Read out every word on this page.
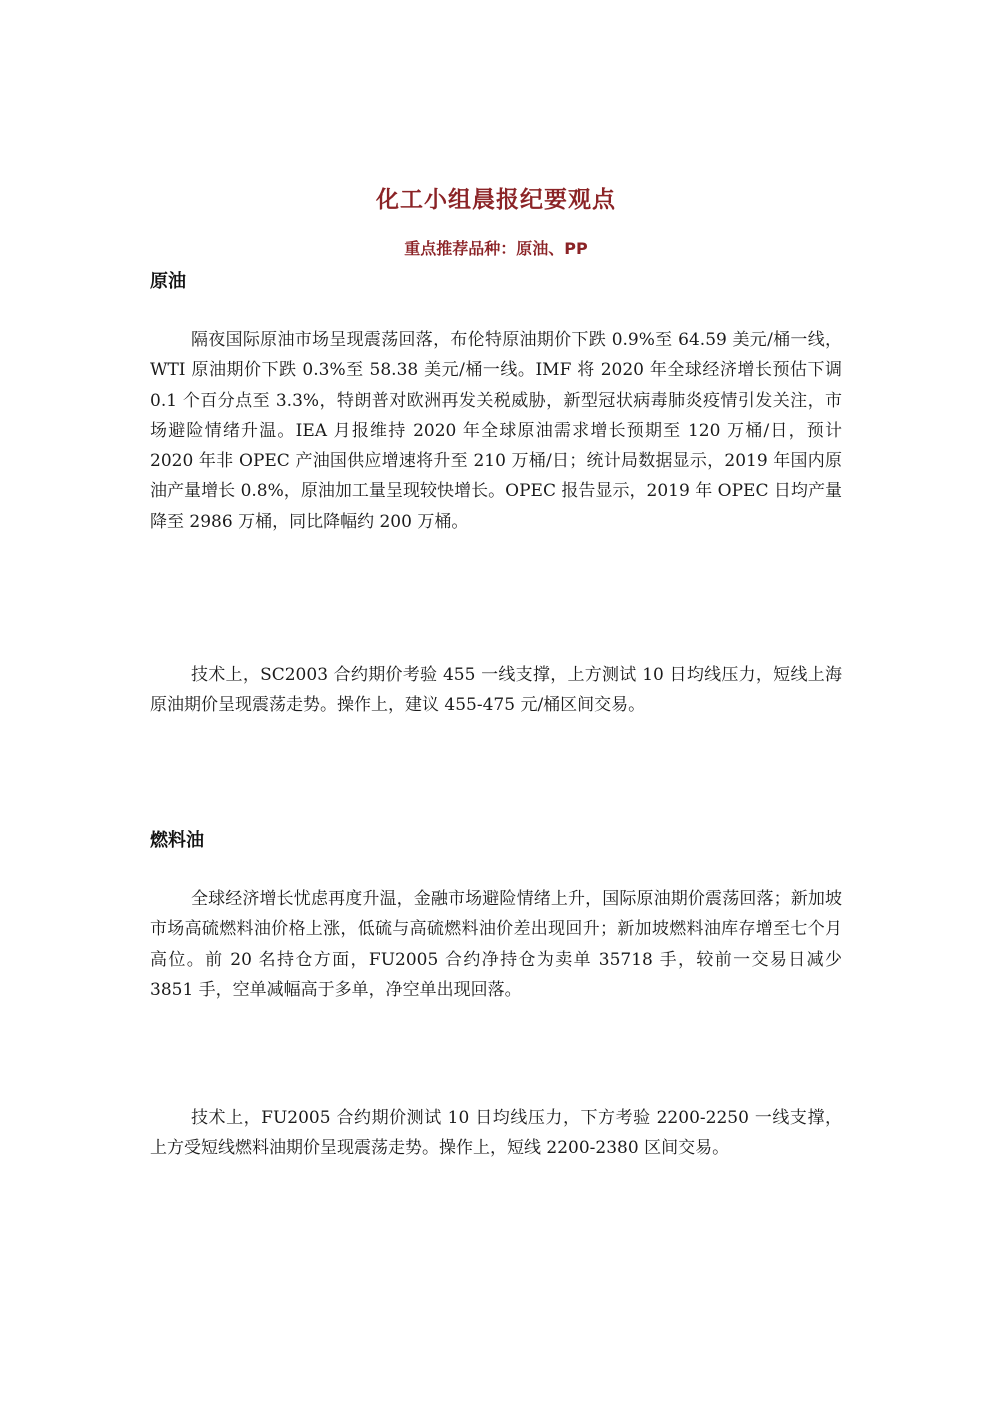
化工小组晨报纪要观点
重点推荐品种：原油、PP
原油

隔夜国际原油市场呈现震荡回落，布伦特原油期价下跌 0.9%至 64.59 美元/桶一线，WTI 原油期价下跌 0.3%至 58.38 美元/桶一线。IMF 将 2020 年全球经济增长预估下调 0.1 个百分点至 3.3%，特朗普对欧洲再发关税威胁，新型冠状病毒肺炎疫情引发关注，市场避险情绪升温。IEA 月报维持 2020 年全球原油需求增长预期至 120 万桶/日，预计 2020 年非 OPEC 产油国供应增速将升至 210 万桶/日；统计局数据显示，2019 年国内原油产量增长 0.8%，原油加工量呈现较快增长。OPEC 报告显示，2019 年 OPEC 日均产量降至 2986 万桶，同比降幅约 200 万桶。

技术上，SC2003 合约期价考验 455 一线支撑，上方测试 10 日均线压力，短线上海原油期价呈现震荡走势。操作上，建议 455-475 元/桶区间交易。

燃料油

全球经济增长忧虑再度升温，金融市场避险情绪上升，国际原油期价震荡回落；新加坡市场高硫燃料油价格上涨，低硫与高硫燃料油价差出现回升；新加坡燃料油库存增至七个月高位。前 20 名持仓方面，FU2005 合约净持仓为卖单 35718 手，较前一交易日减少 3851 手，空单减幅高于多单，净空单出现回落。

技术上，FU2005 合约期价测试 10 日均线压力，下方考验 2200-2250 一线支撑，上方受短线燃料油期价呈现震荡走势。操作上，短线 2200-2380 区间交易。
